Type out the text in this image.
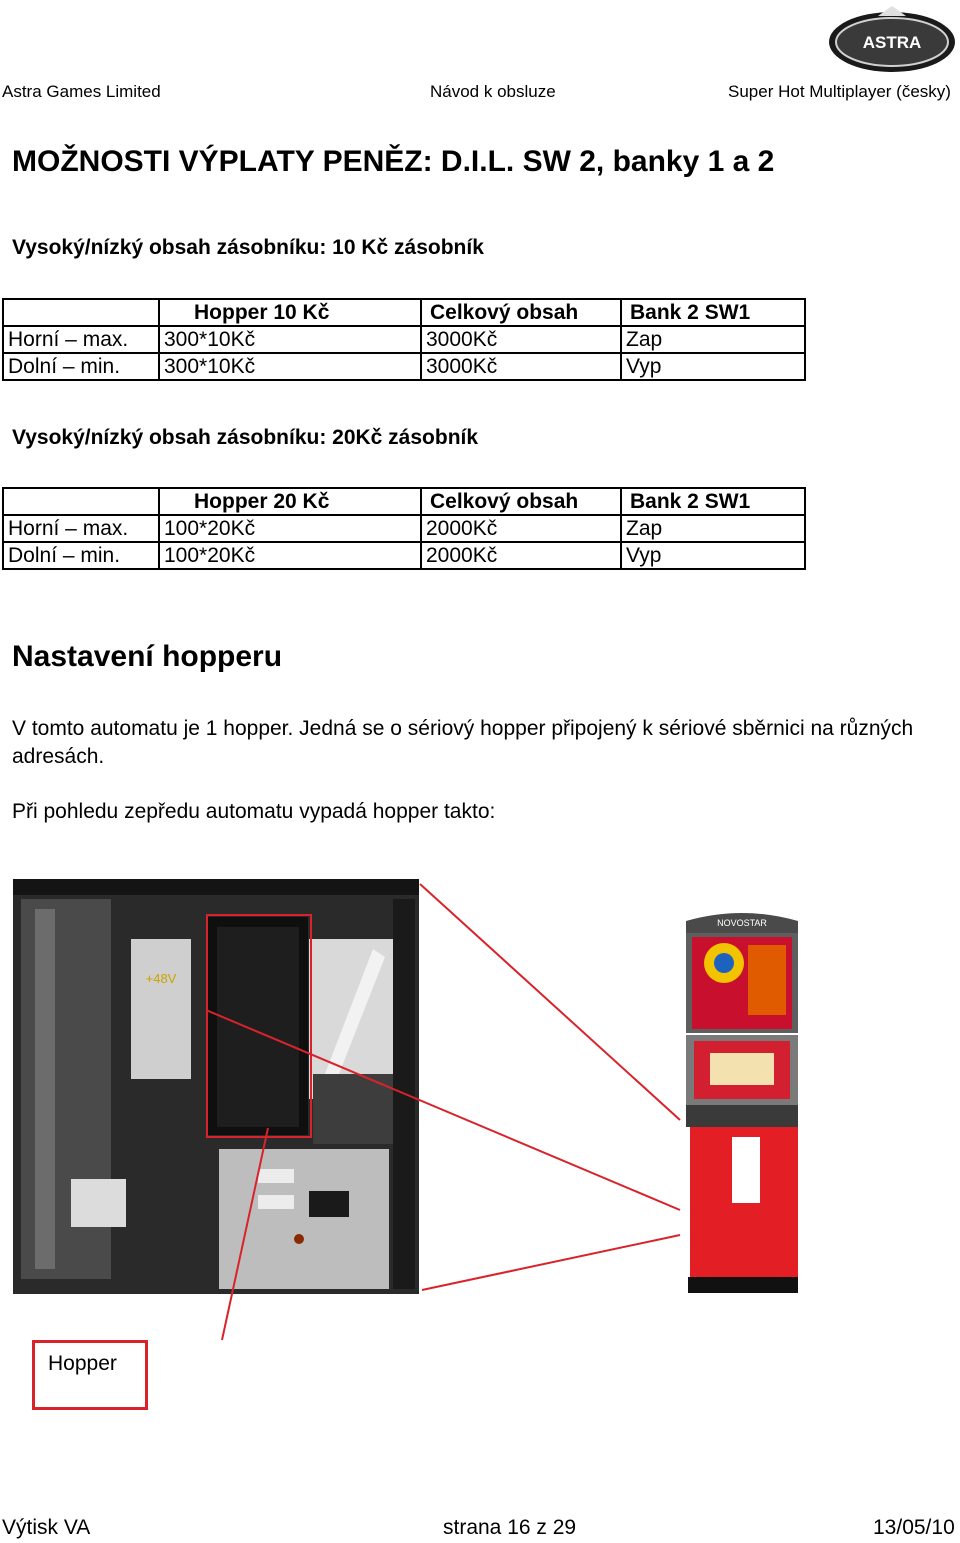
ASTRA
Astra Games Limited	Návod k obsluze	Super Hot Multiplayer (česky)
MOŽNOSTI VÝPLATY PENĚZ: D.I.L. SW 2, banky 1 a 2
Vysoký/nízký obsah zásobníku: 10 Kč zásobník
	Hopper 10 Kč	Celkový obsah	Bank 2 SW1
Horní – max.	300*10Kč	3000Kč	Zap
Dolní – min.	300*10Kč	3000Kč	Vyp
Vysoký/nízký obsah zásobníku: 20Kč zásobník
	Hopper 20 Kč	Celkový obsah	Bank 2 SW1
Horní – max.	100*20Kč	2000Kč	Zap
Dolní – min.	100*20Kč	2000Kč	Vyp
Nastavení hopperu
V tomto automatu je 1 hopper. Jedná se o sériový hopper připojený k sériové sběrnici na různých adresách.
Při pohledu zepředu automatu vypadá hopper takto:
+48V
NOVOSTAR
Hopper
Výtisk VA	strana 16 z 29	13/05/10
